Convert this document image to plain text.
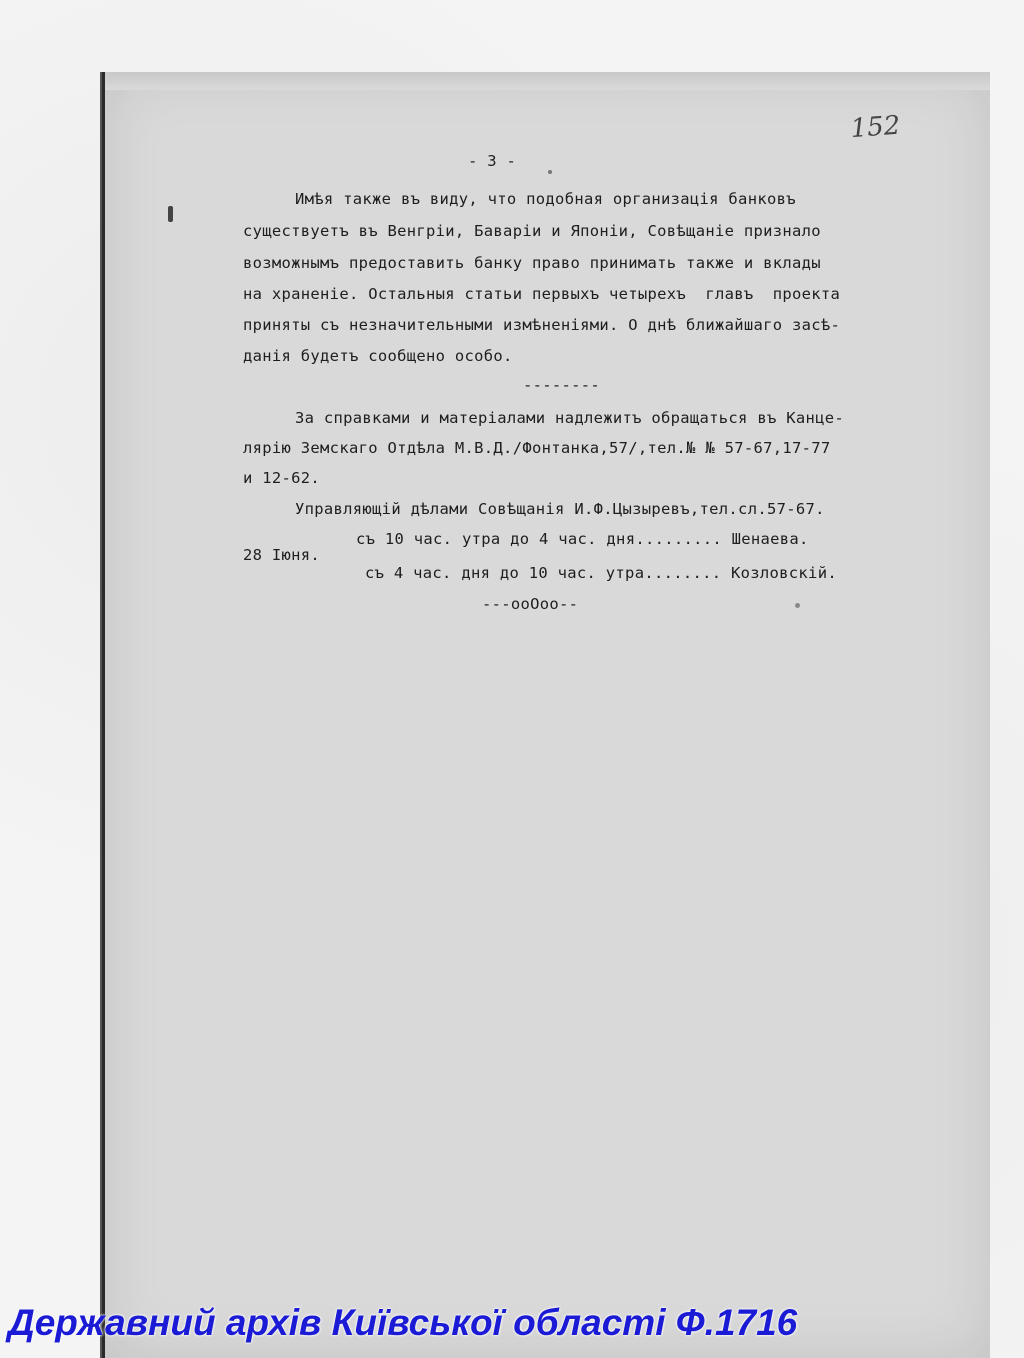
152
- 3 -
Имѣя также въ виду, что подобная организація банковъ
существуетъ въ Венгріи, Баваріи и Японіи, Совѣщаніе признало
возможнымъ предоставить банку право принимать также и вклады
на храненіе. Остальныя статьи первыхъ четырехъ  главъ  проекта
приняты съ незначительными измѣненіями. О днѣ ближайшаго засѣ-
данія будетъ сообщено особо.
--------
За справками и матеріалами надлежитъ обращаться въ Канце-
лярію Земскаго Отдѣла М.В.Д./Фонтанка,57/,тел.№ № 57-67,17-77
и 12-62.
Управляющій дѣлами Совѣщанія И.Ф.Цызыревъ,тел.сл.57-67.
28 Іюня.
съ 10 час. утра до 4 час. дня......... Шенаева.
съ 4 час. дня до 10 час. утра........ Козловскій.
---ооОоо--
Державний архів Київської області Ф.1716
